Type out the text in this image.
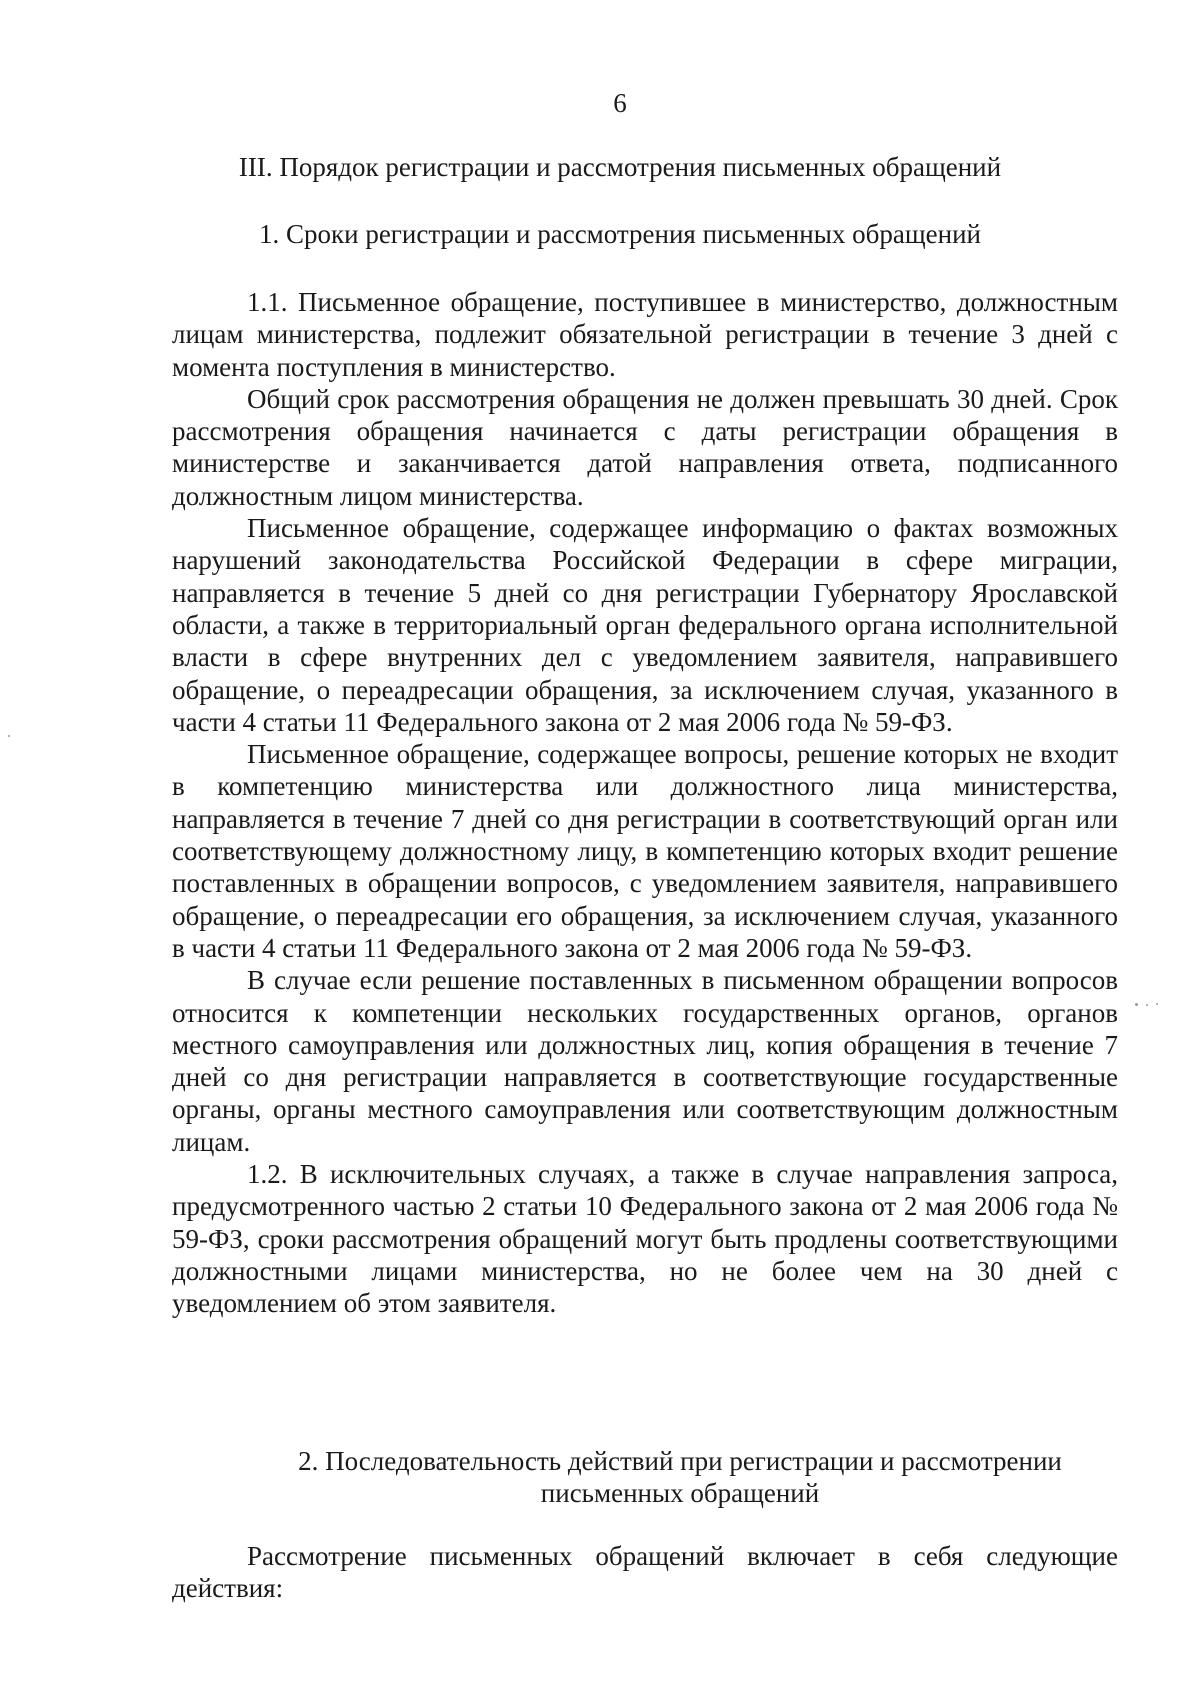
6
III. Порядок регистрации и рассмотрения письменных обращений
1. Сроки регистрации и рассмотрения письменных обращений

1.1. Письменное обращение, поступившее в министерство, должностным лицам министерства, подлежит обязательной регистрации в течение 3 дней с момента поступления в министерство.

Общий срок рассмотрения обращения не должен превышать 30 дней. Срок рассмотрения обращения начинается с даты регистрации обращения в министерстве и заканчивается датой направления ответа, подписанного должностным лицом министерства.

Письменное обращение, содержащее информацию о фактах возможных нарушений законодательства Российской Федерации в сфере миграции, направляется в течение 5 дней со дня регистрации Губернатору Ярославской области, а также в территориальный орган федерального органа исполнительной власти в сфере внутренних дел с уведомлением заявителя, направившего обращение, о переадресации обращения, за исключением случая, указанного в части 4 статьи 11 Федерального закона от 2 мая 2006 года № 59-ФЗ.

Письменное обращение, содержащее вопросы, решение которых не входит в компетенцию министерства или должностного лица министерства, направляется в течение 7 дней со дня регистрации в соответствующий орган или соответствующему должностному лицу, в компетенцию которых входит решение поставленных в обращении вопросов, с уведомлением заявителя, направившего обращение, о переадресации его обращения, за исключением случая, указанного в части 4 статьи 11 Федерального закона от 2 мая 2006 года № 59-ФЗ.

В случае если решение поставленных в письменном обращении вопросов относится к компетенции нескольких государственных органов, органов местного самоуправления или должностных лиц, копия обращения в течение 7 дней со дня регистрации направляется в соответствующие государственные органы, органы местного самоуправления или соответствующим должностным лицам.

1.2. В исключительных случаях, а также в случае направления запроса, предусмотренного частью 2 статьи 10 Федерального закона от 2 мая 2006 года № 59-ФЗ, сроки рассмотрения обращений могут быть продлены соответствующими должностными лицами министерства, но не более чем на 30 дней с уведомлением об этом заявителя.

2. Последовательность действий при регистрации и рассмотрении письменных обращений

Рассмотрение письменных обращений включает в себя следующие действия:
